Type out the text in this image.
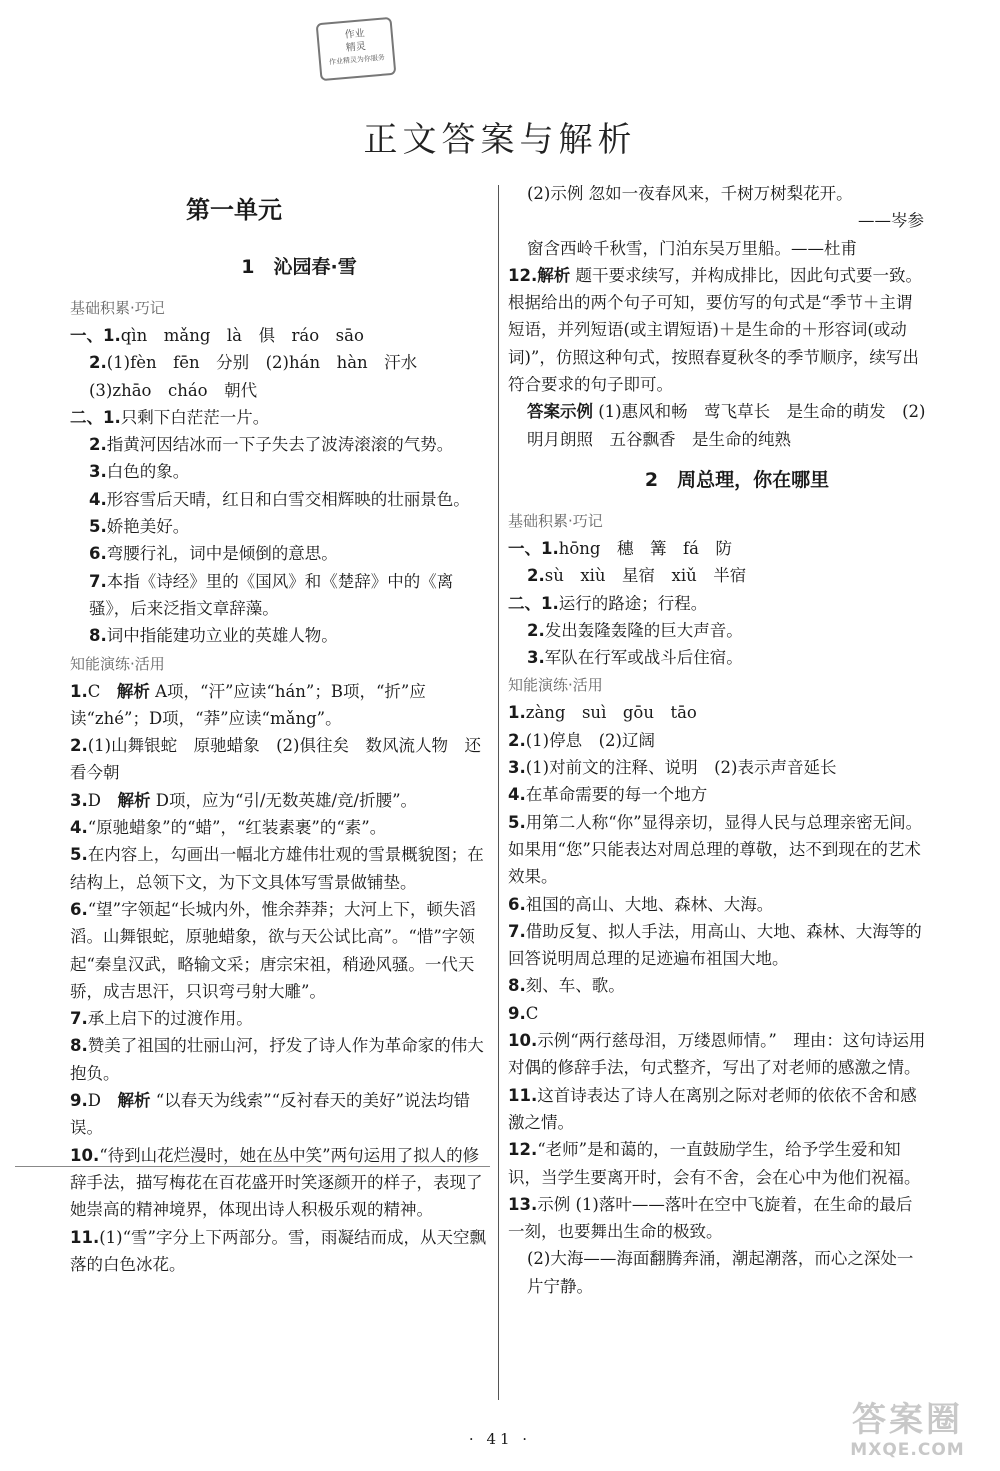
正文答案与解析
作业
精灵
作业精灵为你服务
第一单元
1　沁园春·雪
基础积累·巧记
一、1.qìn　mǎng　là　俱　ráo　sāo
2.(1)fèn　fēn　分别　(2)hán　hàn　汗水
(3)zhāo　cháo　朝代
二、1.只剩下白茫茫一片。
2.指黄河因结冰而一下子失去了波涛滚滚的气势。
3.白色的象。
4.形容雪后天晴，红日和白雪交相辉映的壮丽景色。
5.娇艳美好。
6.弯腰行礼，词中是倾倒的意思。
7.本指《诗经》里的《国风》和《楚辞》中的《离骚》，后来泛指文章辞藻。
8.词中指能建功立业的英雄人物。
知能演练·活用
1.C　解析 A项，“汗”应读“hán”；B项，“折”应读“zhé”；D项，“莽”应读“mǎng”。
2.(1)山舞银蛇　原驰蜡象　(2)俱往矣　数风流人物　还看今朝
3.D　解析 D项，应为“引/无数英雄/竞/折腰”。
4.“原驰蜡象”的“蜡”，“红装素裹”的“素”。
5.在内容上，勾画出一幅北方雄伟壮观的雪景概貌图；在结构上，总领下文，为下文具体写雪景做铺垫。
6.“望”字领起“长城内外，惟余莽莽；大河上下，顿失滔滔。山舞银蛇，原驰蜡象，欲与天公试比高”。“惜”字领起“秦皇汉武，略输文采；唐宗宋祖，稍逊风骚。一代天骄，成吉思汗，只识弯弓射大雕”。
7.承上启下的过渡作用。
8.赞美了祖国的壮丽山河，抒发了诗人作为革命家的伟大抱负。
9.D　解析 “以春天为线索”“反衬春天的美好”说法均错误。
10.“待到山花烂漫时，她在丛中笑”两句运用了拟人的修辞手法，描写梅花在百花盛开时笑逐颜开的样子，表现了她崇高的精神境界，体现出诗人积极乐观的精神。
11.(1)“雪”字分上下两部分。雪，雨凝结而成，从天空飘落的白色冰花。
(2)示例 忽如一夜春风来，千树万树梨花开。
——岑参
窗含西岭千秋雪，门泊东吴万里船。——杜甫
12.解析 题干要求续写，并构成排比，因此句式要一致。根据给出的两个句子可知，要仿写的句式是“季节＋主谓短语，并列短语(或主谓短语)＋是生命的＋形容词(或动词)”，仿照这种句式，按照春夏秋冬的季节顺序，续写出符合要求的句子即可。
答案示例 (1)惠风和畅　莺飞草长　是生命的萌发　(2)明月朗照　五谷飘香　是生命的纯熟
2　周总理，你在哪里
基础积累·巧记
一、1.hōng　穗　篝　fá　防
2.sù　xiù　星宿　xiǔ　半宿
二、1.运行的路途；行程。
2.发出轰隆轰隆的巨大声音。
3.军队在行军或战斗后住宿。
知能演练·活用
1.zàng　suì　gōu　tāo
2.(1)停息　(2)辽阔
3.(1)对前文的注释、说明　(2)表示声音延长
4.在革命需要的每一个地方
5.用第二人称“你”显得亲切，显得人民与总理亲密无间。如果用“您”只能表达对周总理的尊敬，达不到现在的艺术效果。
6.祖国的高山、大地、森林、大海。
7.借助反复、拟人手法，用高山、大地、森林、大海等的回答说明周总理的足迹遍布祖国大地。
8.刻、车、歌。
9.C
10.示例“两行慈母泪，万缕恩师情。”　理由：这句诗运用对偶的修辞手法，句式整齐，写出了对老师的感激之情。
11.这首诗表达了诗人在离别之际对老师的依依不舍和感激之情。
12.“老师”是和蔼的，一直鼓励学生，给予学生爱和知识，当学生要离开时，会有不舍，会在心中为他们祝福。
13.示例 (1)落叶——落叶在空中飞旋着，在生命的最后一刻，也要舞出生命的极致。
(2)大海——海面翻腾奔涌，潮起潮落，而心之深处一片宁静。
· 41 ·	答案圈
MXQE.COM
